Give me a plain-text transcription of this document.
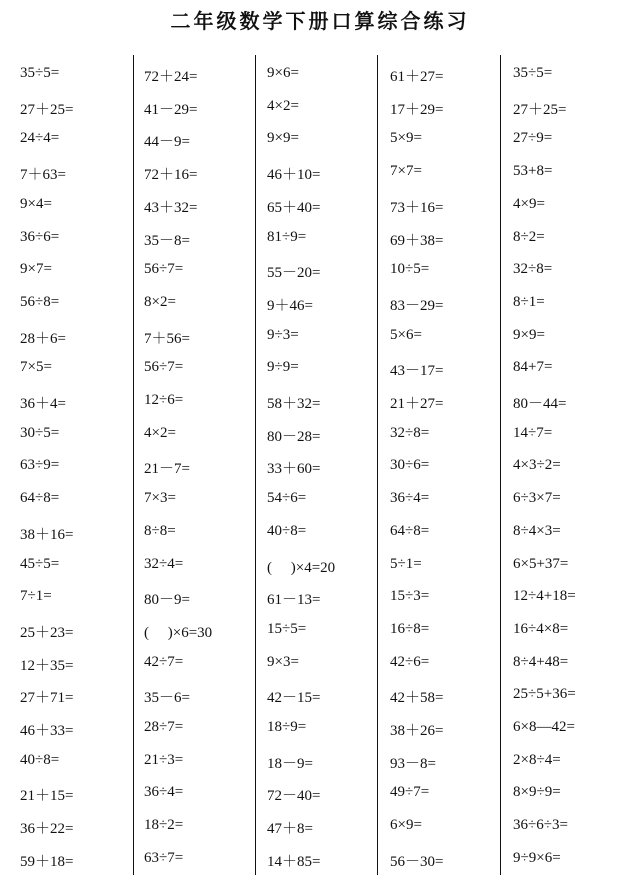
二年级数学下册口算综合练习
35÷5=
27＋25=
24÷4=
7＋63=
9×4=
36÷6=
9×7=
56÷8=
28＋6=
7×5=
36＋4=
30÷5=
63÷9=
64÷8=
38＋16=
45÷5=
7÷1=
25＋23=
12＋35=
27＋71=
46＋33=
40÷8=
21＋15=
36＋22=
59＋18=
72＋24=
41－29=
44－9=
72＋16=
43＋32=
35－8=
56÷7=
8×2=
7＋56=
56÷7=
12÷6=
4×2=
21－7=
7×3=
8÷8=
32÷4=
80－9=
(　 )×6=30
42÷7=
35－6=
28÷7=
21÷3=
36÷4=
18÷2=
63÷7=
9×6=
4×2=
9×9=
46＋10=
65＋40=
81÷9=
55－20=
9＋46=
9÷3=
9÷9=
58＋32=
80－28=
33＋60=
54÷6=
40÷8=
(　 )×4=20
61－13=
15÷5=
9×3=
42－15=
18÷9=
18－9=
72－40=
47＋8=
14＋85=
61＋27=
17＋29=
5×9=
7×7=
73＋16=
69＋38=
10÷5=
83－29=
5×6=
43－17=
21＋27=
32÷8=
30÷6=
36÷4=
64÷8=
5÷1=
15÷3=
16÷8=
42÷6=
42＋58=
38＋26=
93－8=
49÷7=
6×9=
56－30=
35÷5=
27＋25=
27÷9=
53+8=
4×9=
8÷2=
32÷8=
8÷1=
9×9=
84+7=
80－44=
14÷7=
4×3÷2=
6÷3×7=
8÷4×3=
6×5+37=
12÷4+18=
16÷4×8=
8÷4+48=
25÷5+36=
6×8—42=
2×8÷4=
8×9÷9=
36÷6÷3=
9÷9×6=
